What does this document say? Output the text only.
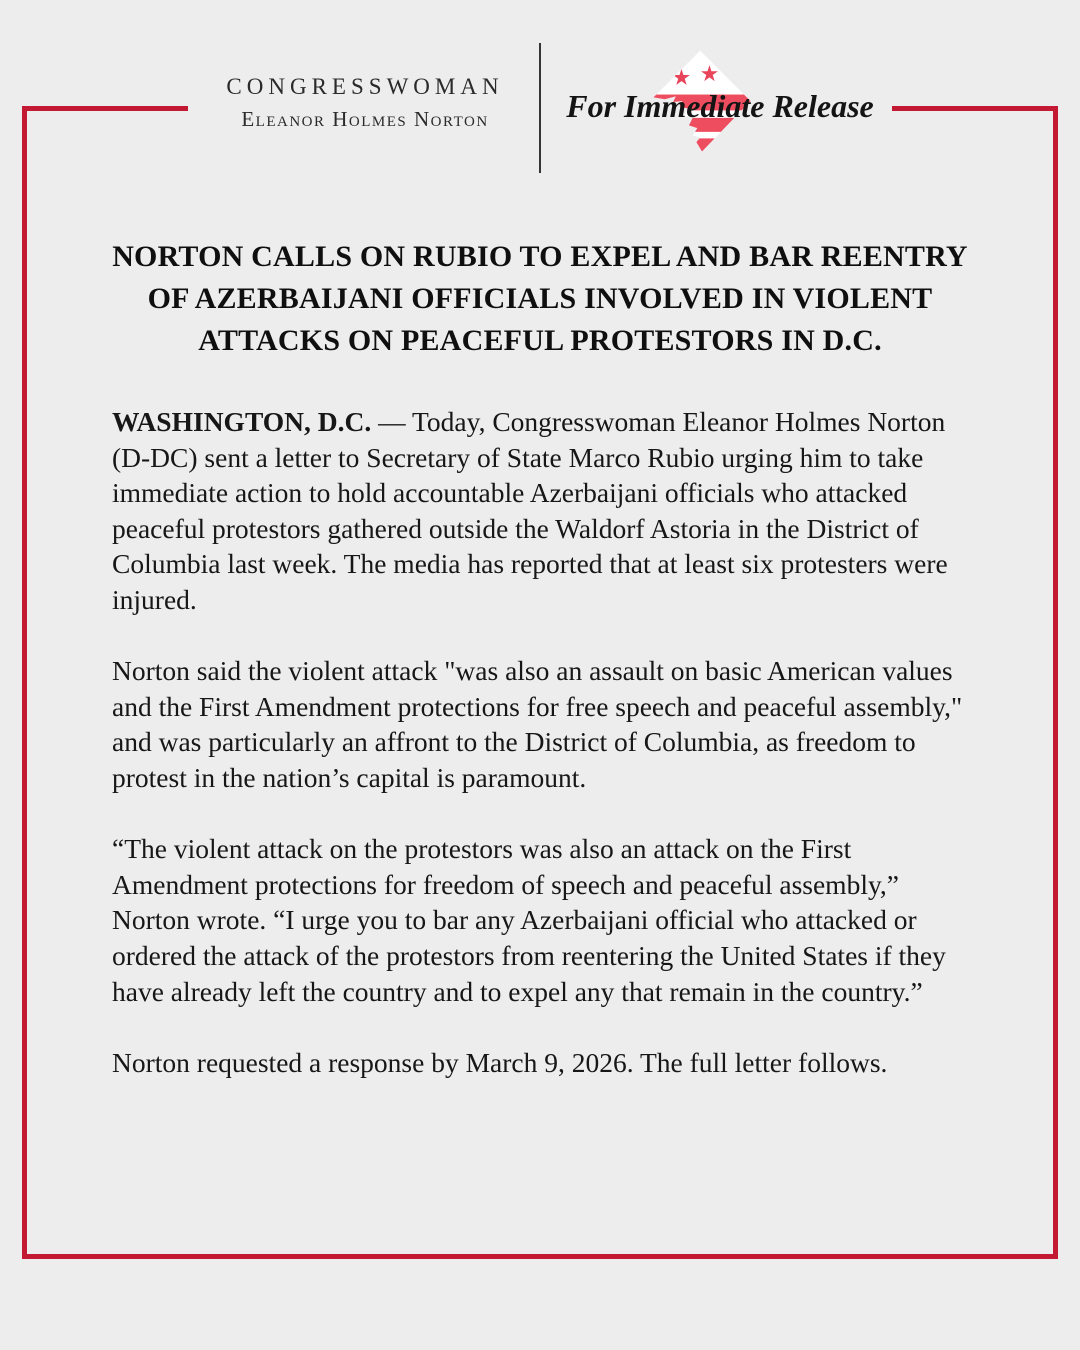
CONGRESSWOMAN
Eleanor Holmes Norton	For Immediate Release
NORTON CALLS ON RUBIO TO EXPEL AND BAR REENTRY
OF AZERBAIJANI OFFICIALS INVOLVED IN VIOLENT
ATTACKS ON PEACEFUL PROTESTORS IN D.C.

WASHINGTON, D.C. — Today, Congresswoman Eleanor Holmes Norton (D-DC) sent a letter to Secretary of State Marco Rubio urging him to take immediate action to hold accountable Azerbaijani officials who attacked peaceful protestors gathered outside the Waldorf Astoria in the District of Columbia last week. The media has reported that at least six protesters were injured.

Norton said the violent attack "was also an assault on basic American values and the First Amendment protections for free speech and peaceful assembly," and was particularly an affront to the District of Columbia, as freedom to protest in the nation’s capital is paramount.

“The violent attack on the protestors was also an attack on the First Amendment protections for freedom of speech and peaceful assembly,” Norton wrote. “I urge you to bar any Azerbaijani official who attacked or ordered the attack of the protestors from reentering the United States if they have already left the country and to expel any that remain in the country.”

Norton requested a response by March 9, 2026. The full letter follows.
